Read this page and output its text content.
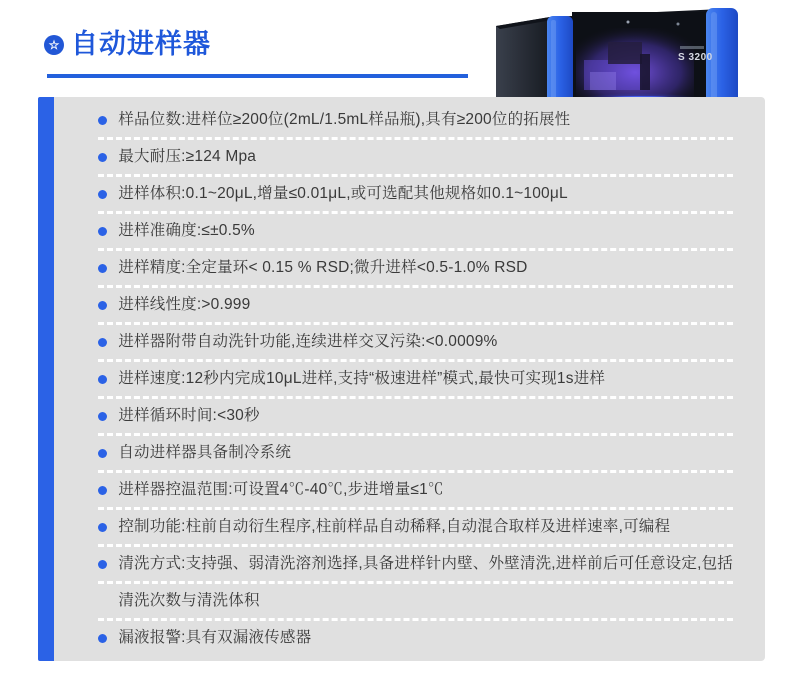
☆ 自动进样器	S 3200
样品位数:进样位≥200位(2mL/1.5mL样品瓶),具有≥200位的拓展性
最大耐压:≥124 Mpa
进样体积:0.1~20μL,增量≤0.01μL,或可选配其他规格如0.1~100μL
进样准确度:≤±0.5%
进样精度:全定量环< 0.15 % RSD;微升进样<0.5-1.0% RSD
进样线性度:>0.999
进样器附带自动洗针功能,连续进样交叉污染:<0.0009%
进样速度:12秒内完成10μL进样,支持“极速进样”模式,最快可实现1s进样
进样循环时间:<30秒
自动进样器具备制冷系统
进样器控温范围:可设置4℃-40℃,步进增量≤1℃
控制功能:柱前自动衍生程序,柱前样品自动稀释,自动混合取样及进样速率,可编程
清洗方式:支持强、弱清洗溶剂选择,具备进样针内壁、外壁清洗,进样前后可任意设定,包括
清洗次数与清洗体积
漏液报警:具有双漏液传感器
